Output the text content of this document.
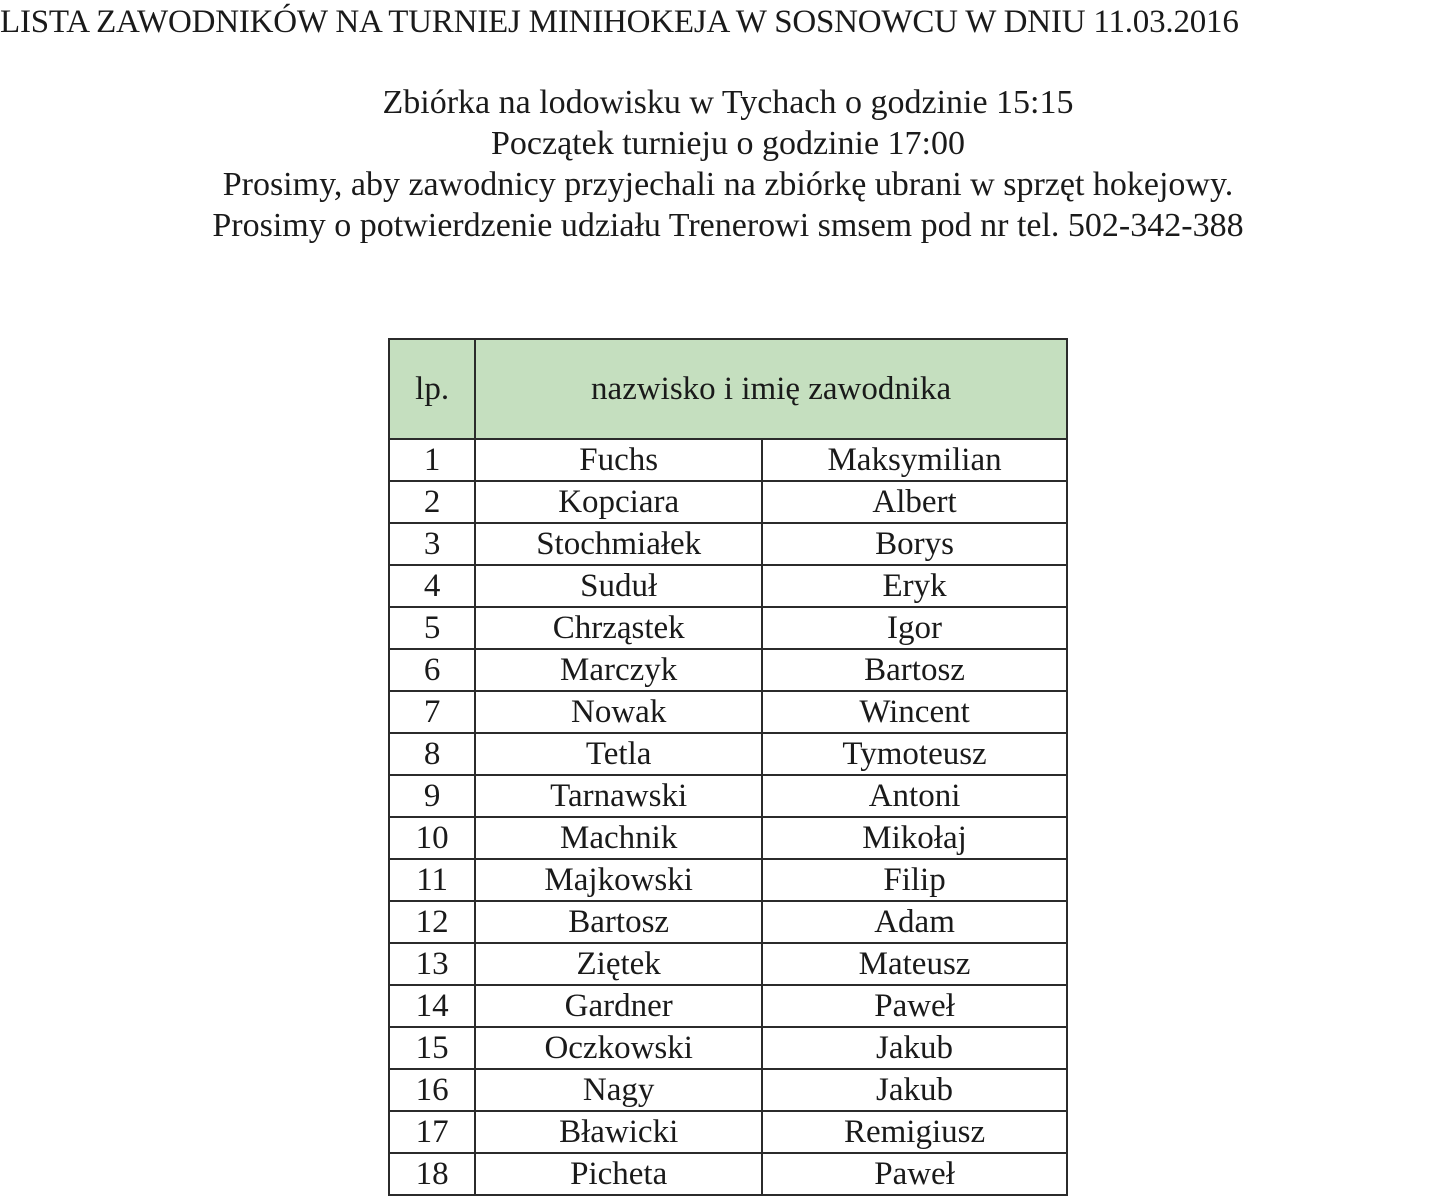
LISTA ZAWODNIKÓW NA TURNIEJ MINIHOKEJA W SOSNOWCU W DNIU 11.03.2016
Zbiórka na lodowisku w Tychach o godzinie 15:15
Początek turnieju o godzinie 17:00
Prosimy, aby zawodnicy przyjechali na zbiórkę ubrani w sprzęt hokejowy.
Prosimy o potwierdzenie udziału Trenerowi smsem pod nr tel. 502-342-388
lp.	nazwisko i imię zawodnika	
1	Fuchs	Maksymilian
2	Kopciara	Albert
3	Stochmiałek	Borys
4	Suduł	Eryk
5	Chrząstek	Igor
6	Marczyk	Bartosz
7	Nowak	Wincent
8	Tetla	Tymoteusz
9	Tarnawski	Antoni
10	Machnik	Mikołaj
11	Majkowski	Filip
12	Bartosz	Adam
13	Ziętek	Mateusz
14	Gardner	Paweł
15	Oczkowski	Jakub
16	Nagy	Jakub
17	Bławicki	Remigiusz
18	Picheta	Paweł
